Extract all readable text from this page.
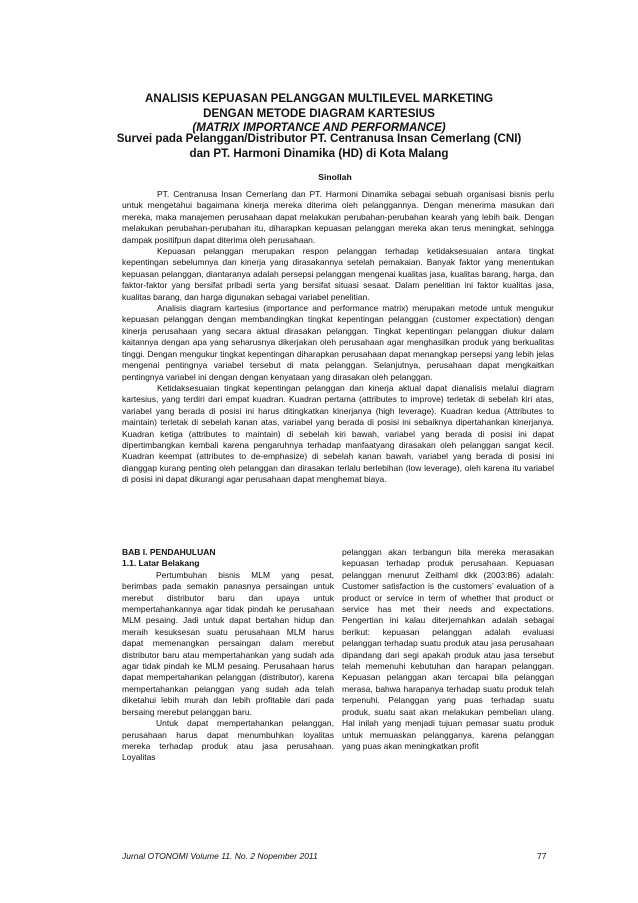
ANALISIS KEPUASAN PELANGGAN MULTILEVEL MARKETING
DENGAN METODE DIAGRAM KARTESIUS
(MATRIX IMPORTANCE AND PERFORMANCE)
Survei pada Pelanggan/Distributor PT. Centranusa Insan Cemerlang (CNI)
dan PT. Harmoni Dinamika (HD) di Kota Malang
Sinollah

PT. Centranusa Insan Cemerlang dan PT. Harmoni Dinamika sebagai sebuah organisasi bisnis perlu untuk mengetahui bagaimana kinerja mereka diterima oleh pelanggannya. Dengan menerima masukan dari mereka, maka manajemen perusahaan dapat melakukan perubahan-perubahan kearah yang lebih baik. Dengan melakukan perubahan-perubahan itu, diharapkan kepuasan pelanggan mereka akan terus meningkat, sehingga dampak positifpun dapat diterima oleh perusahaan.

Kepuasan pelanggan merupakan respon pelanggan terhadap ketidaksesuaian antara tingkat kepentingan sebelumnya dan kinerja yang dirasakannya setelah pemakaian. Banyak faktor yang menentukan kepuasan pelanggan, diantaranya adalah persepsi pelanggan mengenai kualitas jasa, kualitas barang, harga, dan faktor-faktor yang bersifat pribadi serta yang bersifat situasi sesaat. Dalam penelitian ini faktor kualitas jasa, kualitas barang, dan harga digunakan sebagai variabel penelitian.

Analisis diagram kartesius (importance and performance matrix) merupakan metode untuk mengukur kepuasan pelanggan dengan membandingkan tingkat kepentingan pelanggan (customer expectation) dengan kinerja perusahaan yang secara aktual dirasakan pelanggan. Tingkat kepentingan pelanggan diukur dalam kaitannya dengan apa yang seharusnya dikerjakan oleh perusahaan agar menghasilkan produk yang berkualitas tinggi. Dengan mengukur tingkat kepentingan diharapkan perusahaan dapat menangkap persepsi yang lebih jelas mengenai pentingnya variabel tersebut di mata pelanggan. Selanjutnya, perusahaan dapat mengkaitkan pentingnya variabel ini dengan dengan kenyataan yang dirasakan oleh pelanggan.

Ketidaksesuaian tingkat kepentingan pelanggan dan kinerja aktual dapat dianalisis melalui diagram kartesius, yang terdiri dari empat kuadran. Kuadran pertama (attributes to improve) terletak di sebelah kiri atas, variabel yang berada di posisi ini harus ditingkatkan kinerjanya (high leverage). Kuadran kedua (Attributes to maintain) terletak di sebelah kanan atas, variabel yang berada di posisi ini sebaiknya dipertahankan kinerjanya. Kuadran ketiga (attributes to maintain) di sebelah kiri bawah, variabel yang berada di posisi ini dapat dipertimbangkan kembali karena pengaruhnya terhadap manfaatyang dirasakan oleh pelanggan sangat kecil. Kuadran keempat (attributes to de-emphasize) di sebelah kanan bawah, variabel yang berada di posisi ini dianggap kurang penting oleh pelanggan dan dirasakan terlalu berlebihan (low leverage), oleh karena itu variabel di posisi ini dapat dikurangi agar perusahaan dapat menghemat biaya.

BAB I. PENDAHULUAN

1.1. Latar Belakang

Pertumbuhan bisnis MLM yang pesat, berimbas pada semakin panasnya persaingan untuk merebut distributor baru dan upaya untuk mempertahankannya agar tidak pindah ke perusahaan MLM pesaing. Jadi untuk dapat bertahan hidup dan meraih kesuksesan suatu perusahaan MLM harus dapat memenangkan persaingan dalam merebut distributor baru atau mempertahankan yang sudah ada agar tidak pindah ke MLM pesaing. Perusahaan harus dapat mempertahankan pelanggan (distributor), karena mempertahankan pelanggan yang sudah ada telah diketahui lebih murah dan lebih profitable dari pada bersaing merebut pelanggan baru.

Untuk dapat mempertahankan pelanggan, perusahaan harus dapat menumbuhkan loyalitas mereka terhadap produk atau jasa perusahaan. Loyalitas

pelanggan akan terbangun bila mereka merasakan kepuasan terhadap produk perusahaan. Kepuasan pelanggan menurut Zeithaml dkk (2003:86) adalah: Customer satisfaction is the customers’ evaluation of a product or service in term of whether that product or service has met their needs and expectations. Pengertian ini kalau diterjemahkan adalah sebagai berikut: kepuasan pelanggan adalah evaluasi pelanggan terhadap suatu produk atau jasa perusahaan dipandang dari segi apakah produk atau jasa tersebut telah memenuhi kebutuhan dan harapan pelanggan. Kepuasan pelanggan akan tercapai bila pelanggan merasa, bahwa harapanya terhadap suatu produk telah terpenuhi. Pelanggan yang puas terhadap suatu produk, suatu saat akan melakukan pembelian ulang. Hal inilah yang menjadi tujuan pemasar suatu produk untuk memuaskan pelangganya, karena pelanggan yang puas akan meningkatkan profit

Jurnal OTONOMI Volume 11. No. 2 Nopember 2011	77
